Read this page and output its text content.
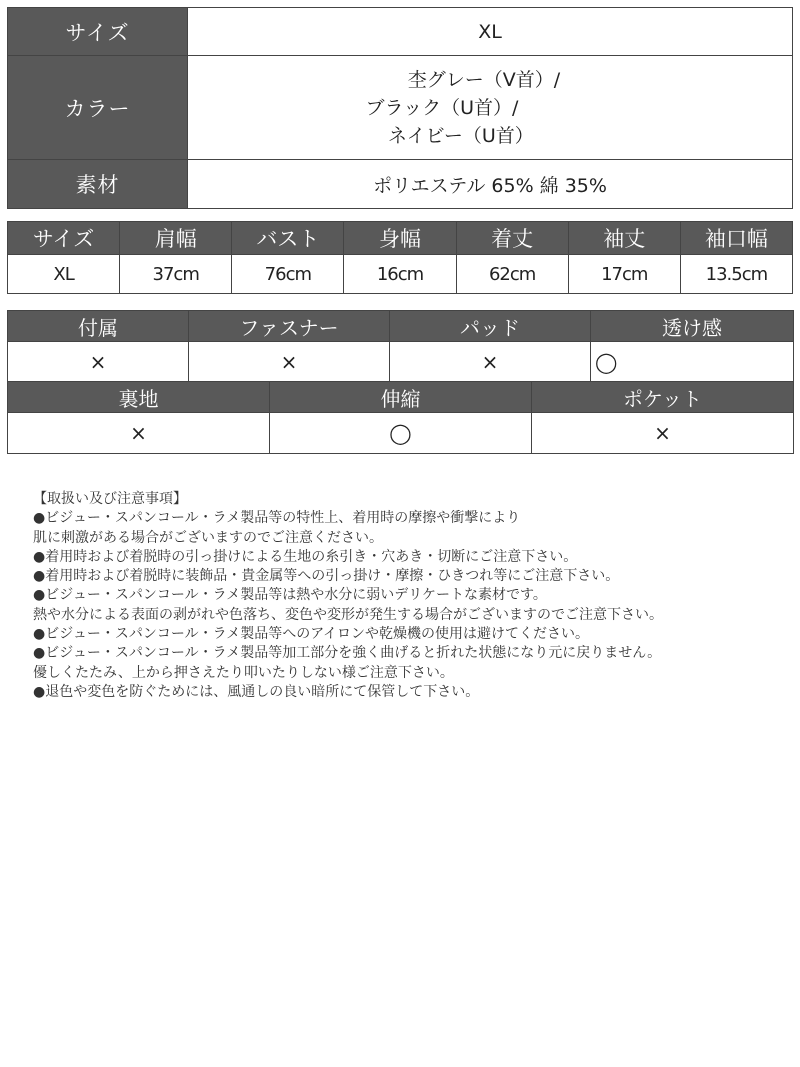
サイズ	XL
カラー	杢グレー（V首）/
ブラック（U首）/
ネイビー（U首）

素材	ポリエステル 65% 綿 35%
サイズ	肩幅	バスト	身幅	着丈	袖丈	袖口幅
XL	37cm	76cm	16cm	62cm	17cm	13.5cm
付属	ファスナー	パッド	透け感
×	×	×	◯
裏地	伸縮	ポケット
×	◯	×
【取扱い及び注意事項】
●ビジュー・スパンコール・ラメ製品等の特性上、着用時の摩擦や衝撃により
肌に刺激がある場合がございますのでご注意ください。
●着用時および着脱時の引っ掛けによる生地の糸引き・穴あき・切断にご注意下さい。
●着用時および着脱時に装飾品・貴金属等への引っ掛け・摩擦・ひきつれ等にご注意下さい。
●ビジュー・スパンコール・ラメ製品等は熱や水分に弱いデリケートな素材です。
熱や水分による表面の剥がれや色落ち、変色や変形が発生する場合がございますのでご注意下さい。
●ビジュー・スパンコール・ラメ製品等へのアイロンや乾燥機の使用は避けてください。
●ビジュー・スパンコール・ラメ製品等加工部分を強く曲げると折れた状態になり元に戻りません。
優しくたたみ、上から押さえたり叩いたりしない様ご注意下さい。
●退色や変色を防ぐためには、風通しの良い暗所にて保管して下さい。
